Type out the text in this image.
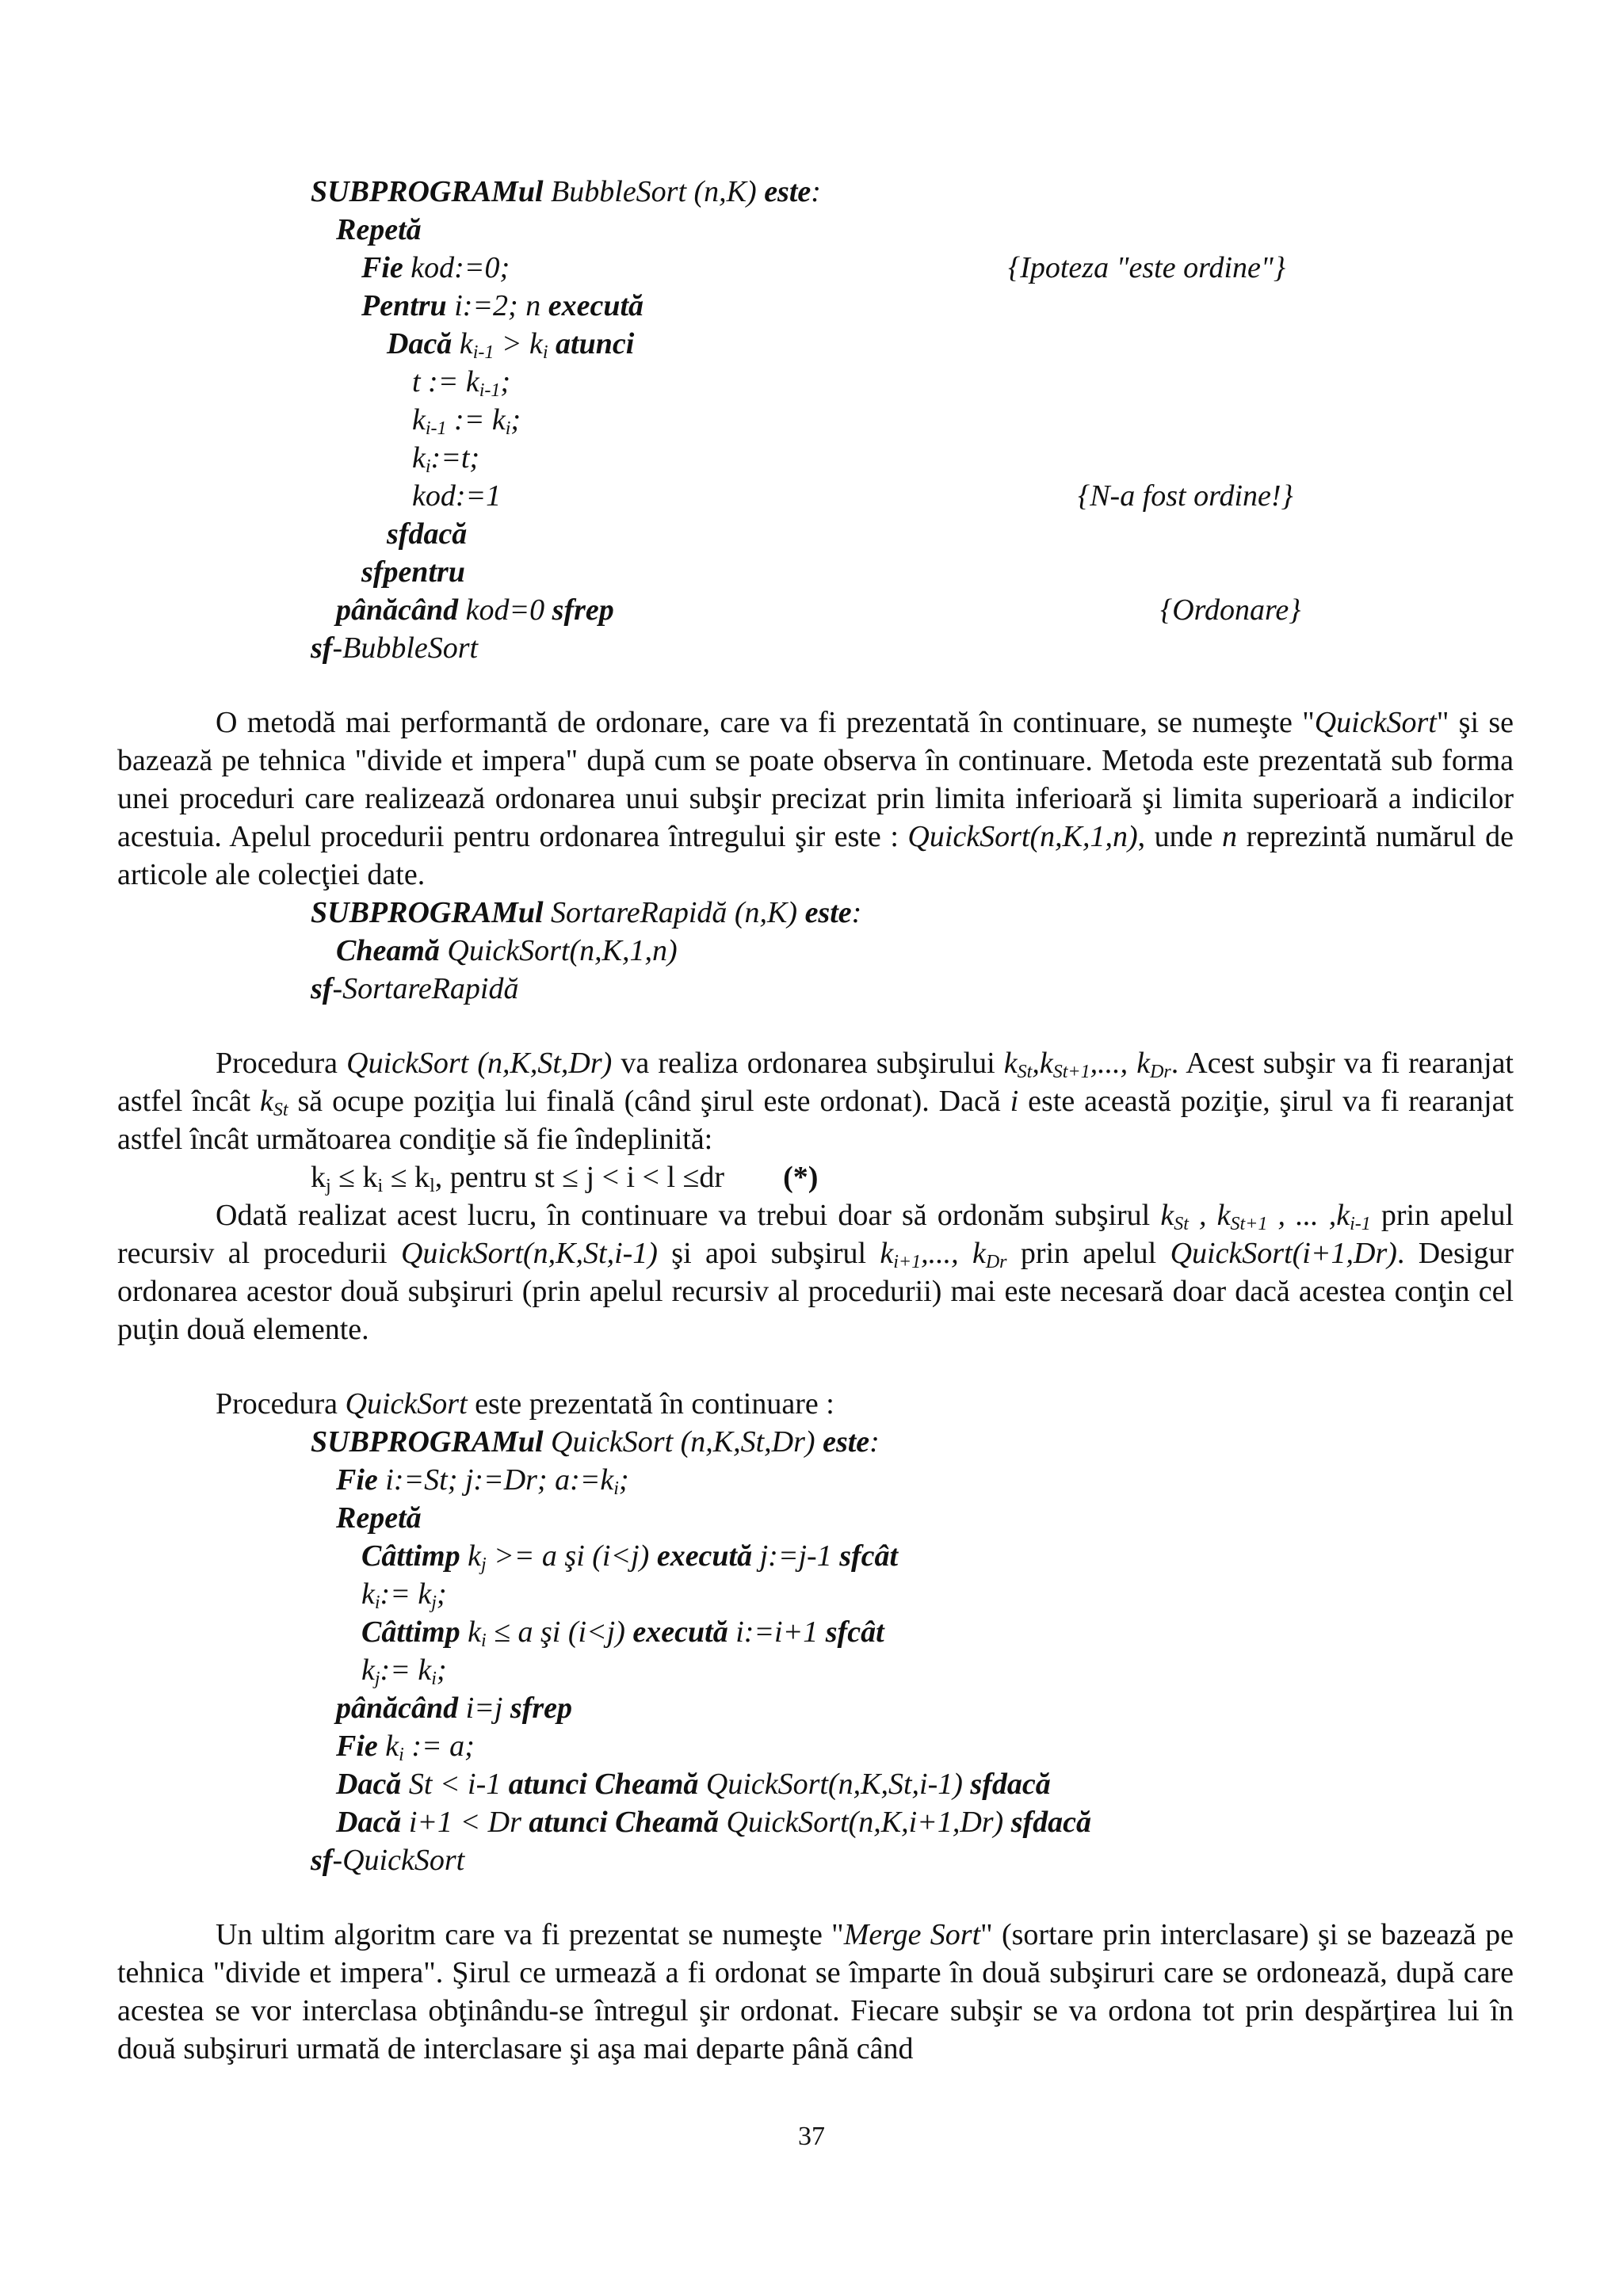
SUBPROGRAMul BubbleSort (n,K) este:
Repetă
Fie kod:=0;	{Ipoteza "este ordine"}
Pentru i:=2; n execută
Dacă $k_{i-1} > k_i$ atunci
t := $k_{i-1}$;
$k_{i-1}$ := $k_i$;
$k_i:=t$;
kod:=1	{N-a fost ordine!}
sfdacă
sfpentru
pânăcând kod=0 sfrep	{Ordonare}
sf-BubbleSort

O metodă mai performantă de ordonare, care va fi prezentată în continuare, se numeşte "QuickSort" şi se bazează pe tehnica "divide et impera" după cum se poate observa în continuare. Metoda este prezentată sub forma unei proceduri care realizează ordonarea unui subşir precizat prin limita inferioară şi limita superioară a indicilor acestuia. Apelul procedurii pentru ordonarea întregului şir este : QuickSort(n,K,1,n), unde n reprezintă numărul de articole ale colecţiei date.

SUBPROGRAMul SortareRapidă (n,K) este:
Cheamă QuickSort(n,K,1,n)
sf-SortareRapidă

Procedura QuickSort (n,K,St,Dr) va realiza ordonarea subşirului $k_{St},k_{St+1}$,..., $k_{Dr}$. Acest subşir va fi rearanjat astfel încât $k_{St}$ să ocupe poziţia lui finală (când şirul este ordonat). Dacă i este această poziţie, şirul va fi rearanjat astfel încât următoarea condiţie să fie îndeplinită:

$k_j \le k_i \le k_l$, pentru st ≤ j < i < l ≤dr (*)

Odată realizat acest lucru, în continuare va trebui doar să ordonăm subşirul $k_{St}$ , $k_{St+1}$ , ... $,k_{i-1}$ prin apelul recursiv al procedurii QuickSort(n,K,St,i-1) şi apoi subşirul $k_{i+1}$,..., $k_{Dr}$ prin apelul QuickSort(i+1,Dr). Desigur ordonarea acestor două subşiruri (prin apelul recursiv al procedurii) mai este necesară doar dacă acestea conţin cel puţin două elemente.

Procedura QuickSort este prezentată în continuare :

SUBPROGRAMul QuickSort (n,K,St,Dr) este:
Fie i:=St; j:=Dr; $a:=k_i$;
Repetă
Câttimp $k_j >= a$ şi (i<j) execută j:=j-1 sfcât
$k_i:= k_j$;
Câttimp $k_i \le a$ şi (i<j) execută i:=i+1 sfcât
$k_j:= k_i$;
pânăcând i=j sfrep
Fie $k_i$ := a;
Dacă St < i-1 atunci Cheamă QuickSort(n,K,St,i-1) sfdacă
Dacă i+1 < Dr atunci Cheamă QuickSort(n,K,i+1,Dr) sfdacă
sf-QuickSort

Un ultim algoritm care va fi prezentat se numeşte "Merge Sort" (sortare prin interclasare) şi se bazează pe tehnica "divide et impera". Şirul ce urmează a fi ordonat se împarte în două subşiruri care se ordonează, după care acestea se vor interclasa obţinându-se întregul şir ordonat. Fiecare subşir se va ordona tot prin despărţirea lui în două subşiruri urmată de interclasare şi aşa mai departe până când

37
